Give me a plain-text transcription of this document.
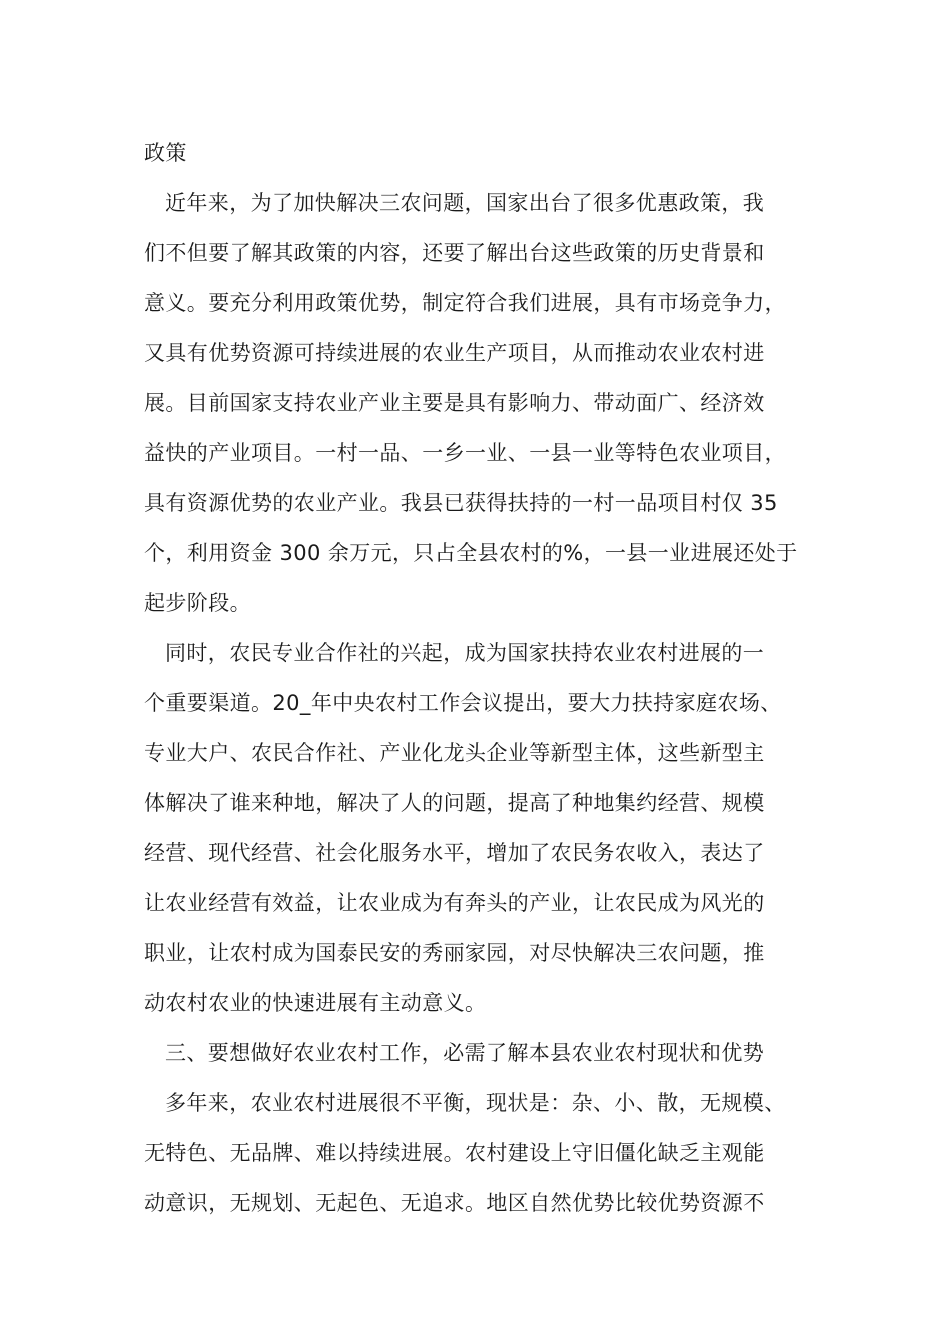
政策
近年来，为了加快解决三农问题，国家出台了很多优惠政策，我
们不但要了解其政策的内容，还要了解出台这些政策的历史背景和
意义。要充分利用政策优势，制定符合我们进展，具有市场竞争力，
又具有优势资源可持续进展的农业生产项目，从而推动农业农村进
展。目前国家支持农业产业主要是具有影响力、带动面广、经济效
益快的产业项目。一村一品、一乡一业、一县一业等特色农业项目，
具有资源优势的农业产业。我县已获得扶持的一村一品项目村仅 35
个，利用资金 300 余万元，只占全县农村的%，一县一业进展还处于
起步阶段。
同时，农民专业合作社的兴起，成为国家扶持农业农村进展的一
个重要渠道。20_年中央农村工作会议提出，要大力扶持家庭农场、
专业大户、农民合作社、产业化龙头企业等新型主体，这些新型主
体解决了谁来种地，解决了人的问题，提高了种地集约经营、规模
经营、现代经营、社会化服务水平，增加了农民务农收入，表达了
让农业经营有效益，让农业成为有奔头的产业，让农民成为风光的
职业，让农村成为国泰民安的秀丽家园，对尽快解决三农问题，推
动农村农业的快速进展有主动意义。
三、要想做好农业农村工作，必需了解本县农业农村现状和优势
多年来，农业农村进展很不平衡，现状是：杂、小、散，无规模、
无特色、无品牌、难以持续进展。农村建设上守旧僵化缺乏主观能
动意识，无规划、无起色、无追求。地区自然优势比较优势资源不
